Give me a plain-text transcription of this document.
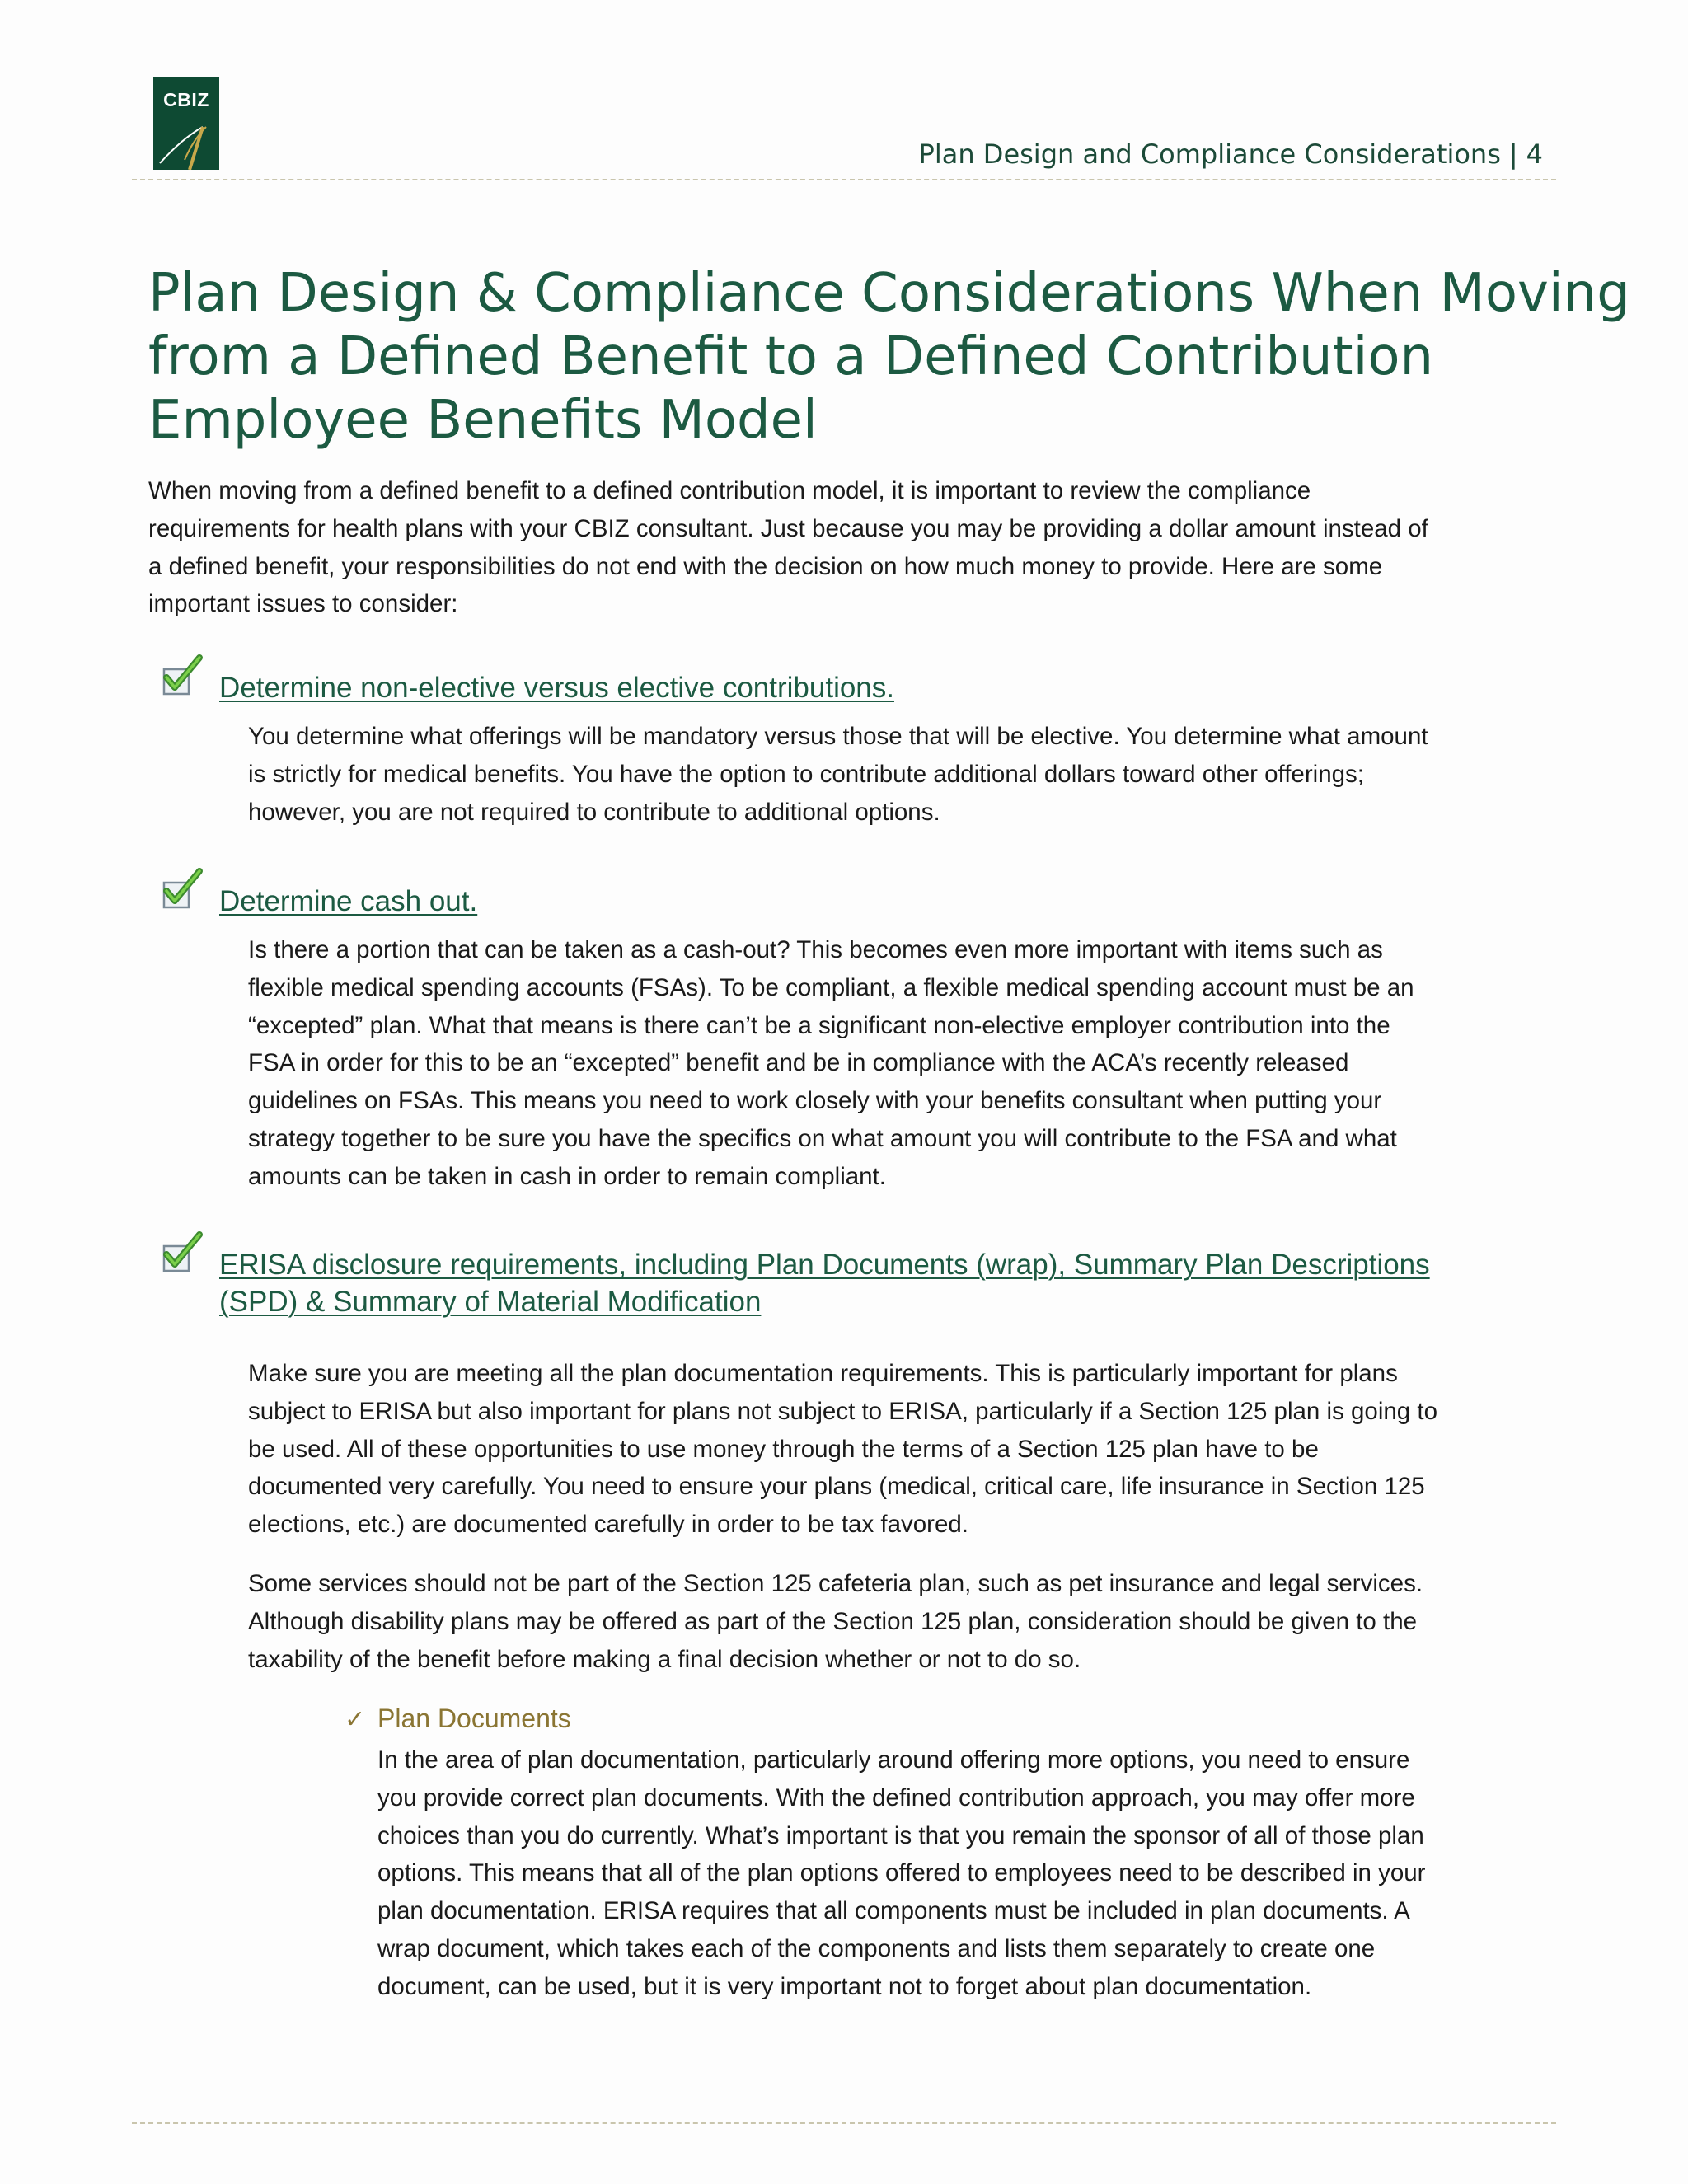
CBIZ
Plan Design and Compliance Considerations | 4
Plan Design & Compliance Considerations When Moving
from a Defined Benefit to a Defined Contribution
Employee Benefits Model

When moving from a defined benefit to a defined contribution model, it is important to review the compliance
requirements for health plans with your CBIZ consultant. Just because you may be providing a dollar amount instead of
a defined benefit, your responsibilities do not end with the decision on how much money to provide. Here are some
important issues to consider:

Determine non-elective versus elective contributions.

You determine what offerings will be mandatory versus those that will be elective. You determine what amount
is strictly for medical benefits. You have the option to contribute additional dollars toward other offerings;
however, you are not required to contribute to additional options.

Determine cash out.

Is there a portion that can be taken as a cash-out? This becomes even more important with items such as
flexible medical spending accounts (FSAs). To be compliant, a flexible medical spending account must be an
“excepted” plan. What that means is there can’t be a significant non-elective employer contribution into the
FSA in order for this to be an “excepted” benefit and be in compliance with the ACA’s recently released
guidelines on FSAs. This means you need to work closely with your benefits consultant when putting your
strategy together to be sure you have the specifics on what amount you will contribute to the FSA and what
amounts can be taken in cash in order to remain compliant.

ERISA disclosure requirements, including Plan Documents (wrap), Summary Plan Descriptions
(SPD) & Summary of Material Modification

Make sure you are meeting all the plan documentation requirements. This is particularly important for plans
subject to ERISA but also important for plans not subject to ERISA, particularly if a Section 125 plan is going to
be used. All of these opportunities to use money through the terms of a Section 125 plan have to be
documented very carefully. You need to ensure your plans (medical, critical care, life insurance in Section 125
elections, etc.) are documented carefully in order to be tax favored.

Some services should not be part of the Section 125 cafeteria plan, such as pet insurance and legal services.
Although disability plans may be offered as part of the Section 125 plan, consideration should be given to the
taxability of the benefit before making a final decision whether or not to do so.

✓ Plan Documents

In the area of plan documentation, particularly around offering more options, you need to ensure
you provide correct plan documents. With the defined contribution approach, you may offer more
choices than you do currently. What’s important is that you remain the sponsor of all of those plan
options. This means that all of the plan options offered to employees need to be described in your
plan documentation. ERISA requires that all components must be included in plan documents. A
wrap document, which takes each of the components and lists them separately to create one
document, can be used, but it is very important not to forget about plan documentation.
